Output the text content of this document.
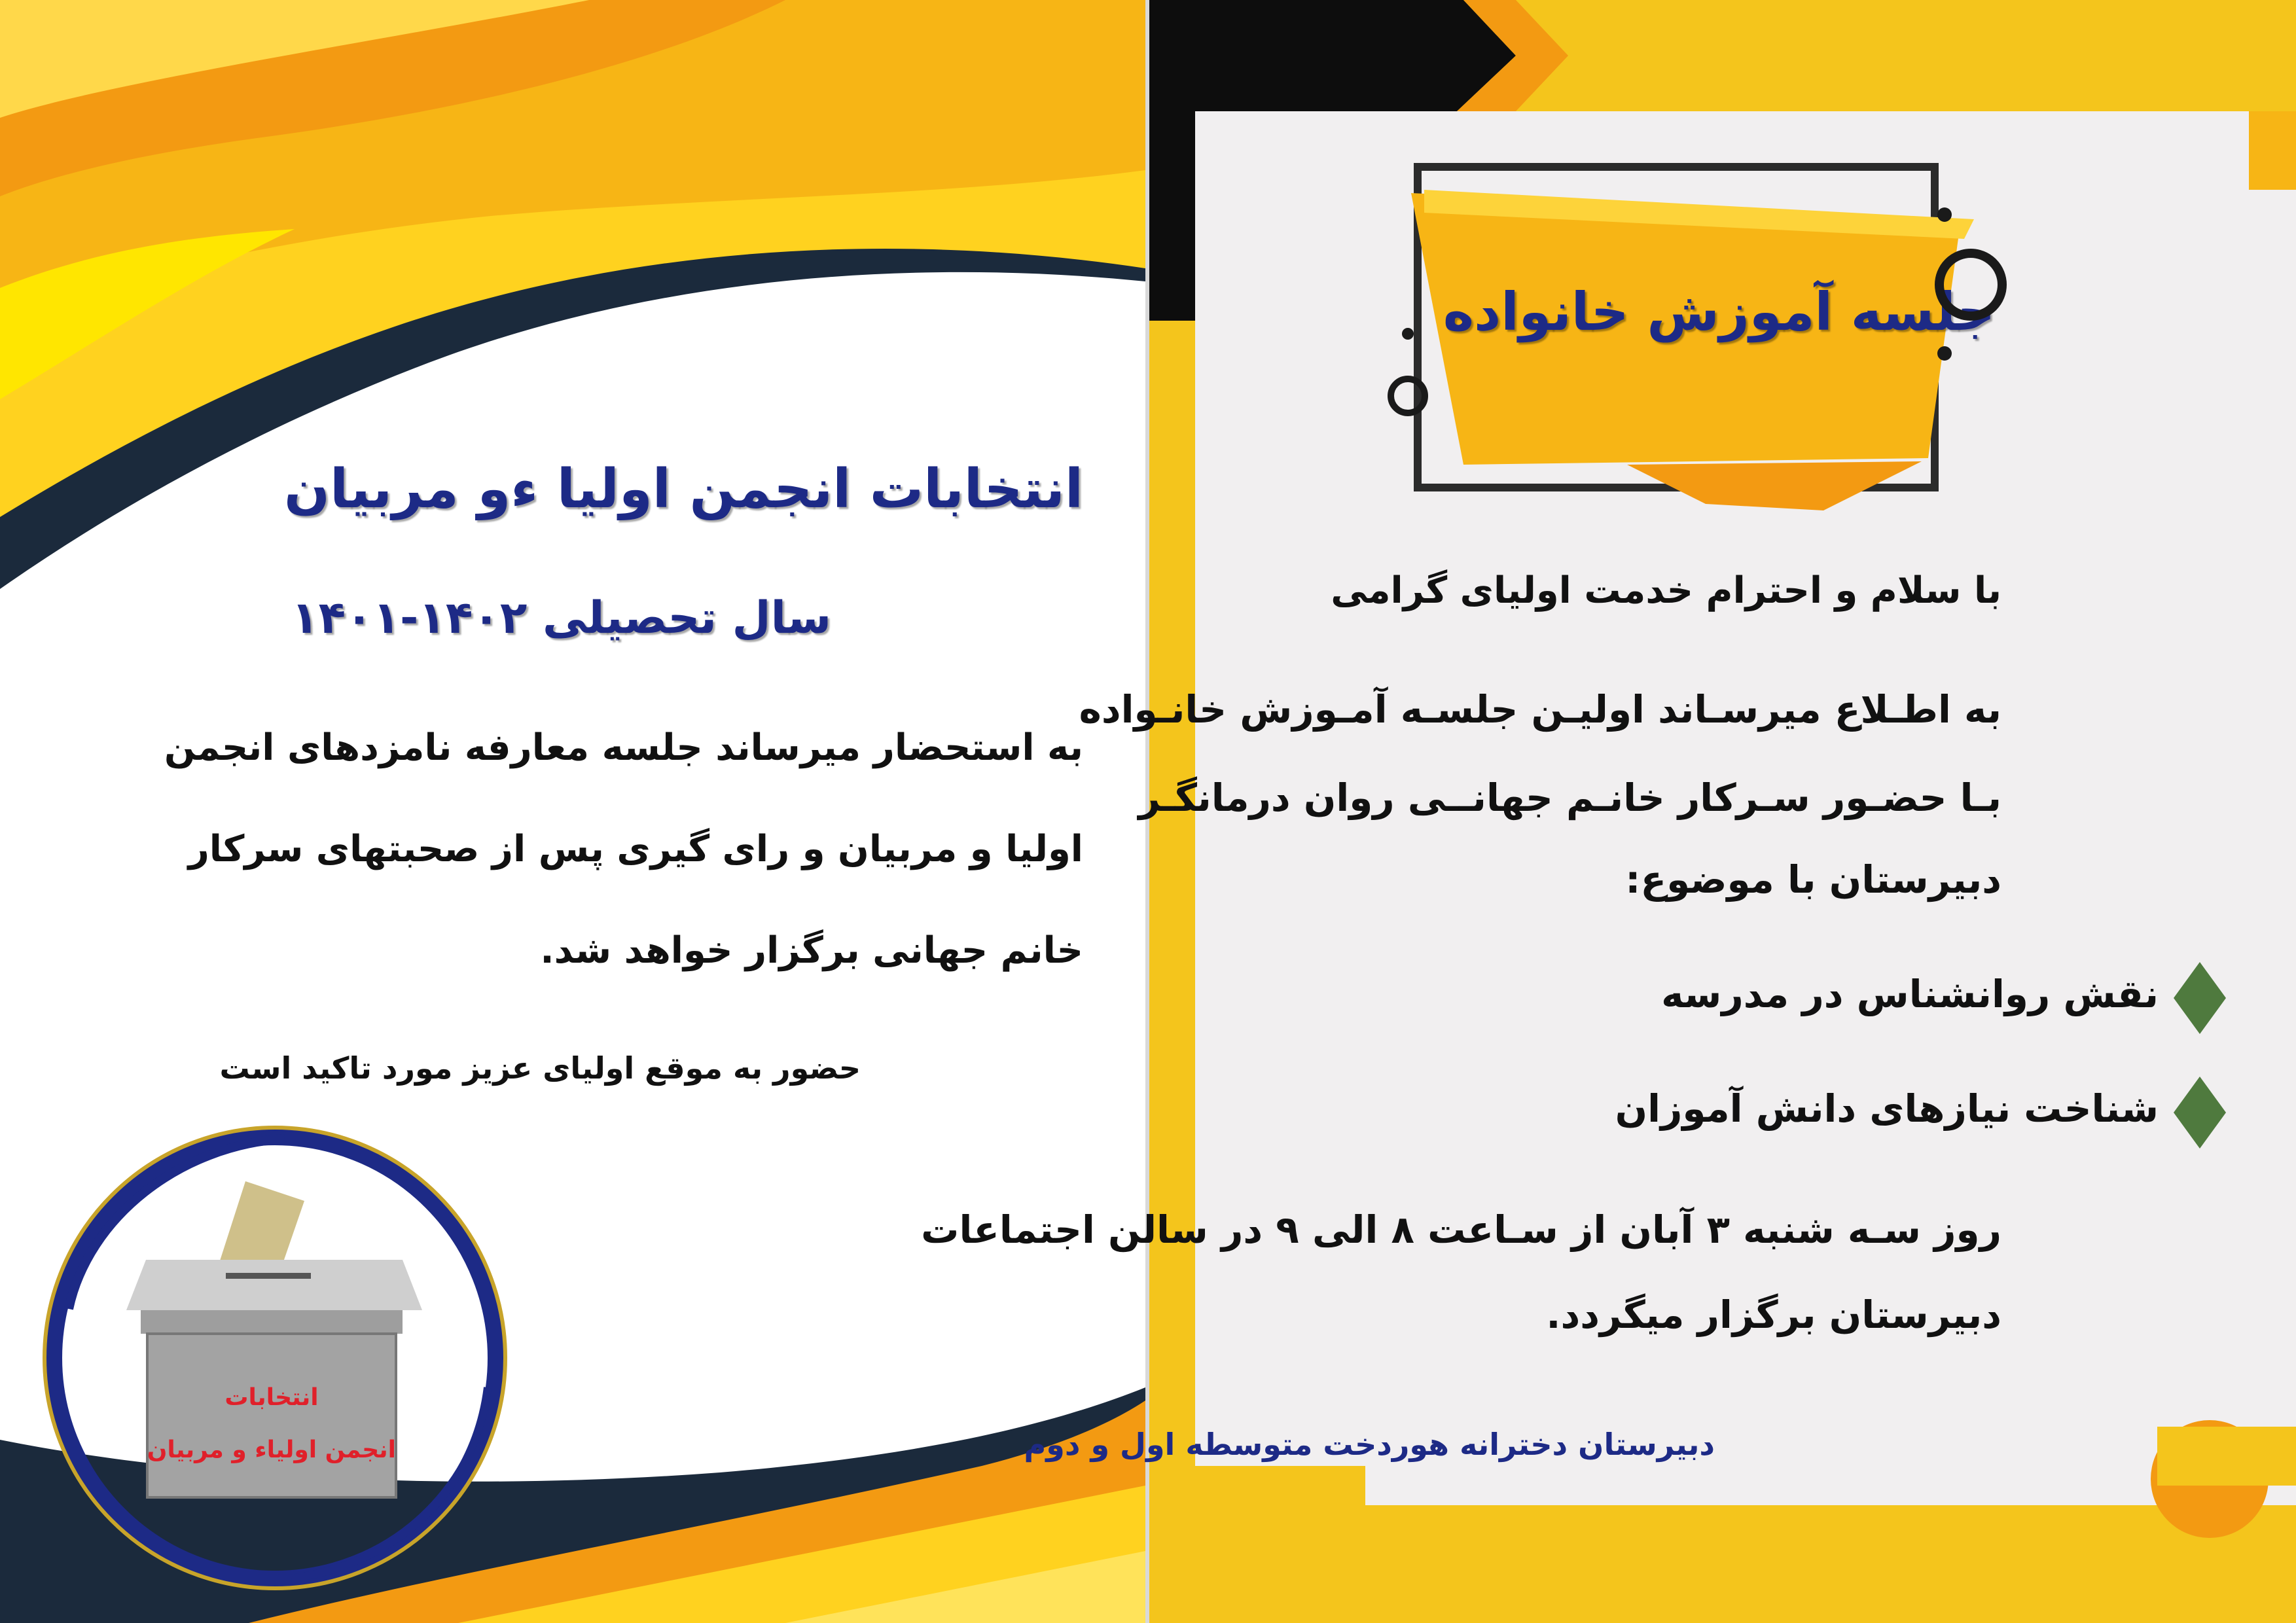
انتخابات انجمن اولیا ءو مربیان
سال تحصیلی ۱۴۰۲-۱۴۰۱
به استحضار میرساند جلسه معارفه نامزدهای انجمن
اولیا و مربیان و رای گیری پس از صحبتهای سرکار
خانم جهانی برگزار خواهد شد.
حضور به موقع اولیای عزیز مورد تاکید است
انتخابات
انجمن اولیاء و مربیان
جلسه آموزش خانواده
با سلام و احترام خدمت اولیای گرامی
به اطـلاع میرسـاند اولیـن جلسـه آمـوزش خانـواده
بـا حضـور سـرکار خانـم جهانــی روان درمانگـر
دبیرستان با موضوع:
نقش روانشناس در مدرسه
شناخت نیازهای دانش آموزان
روز سـه شنبه ۳ آبان از سـاعت ۸ الی ۹ در سالن اجتماعات
دبیرستان برگزار میگردد.
دبیرستان دخترانه هوردخت متوسطه اول و دوم
